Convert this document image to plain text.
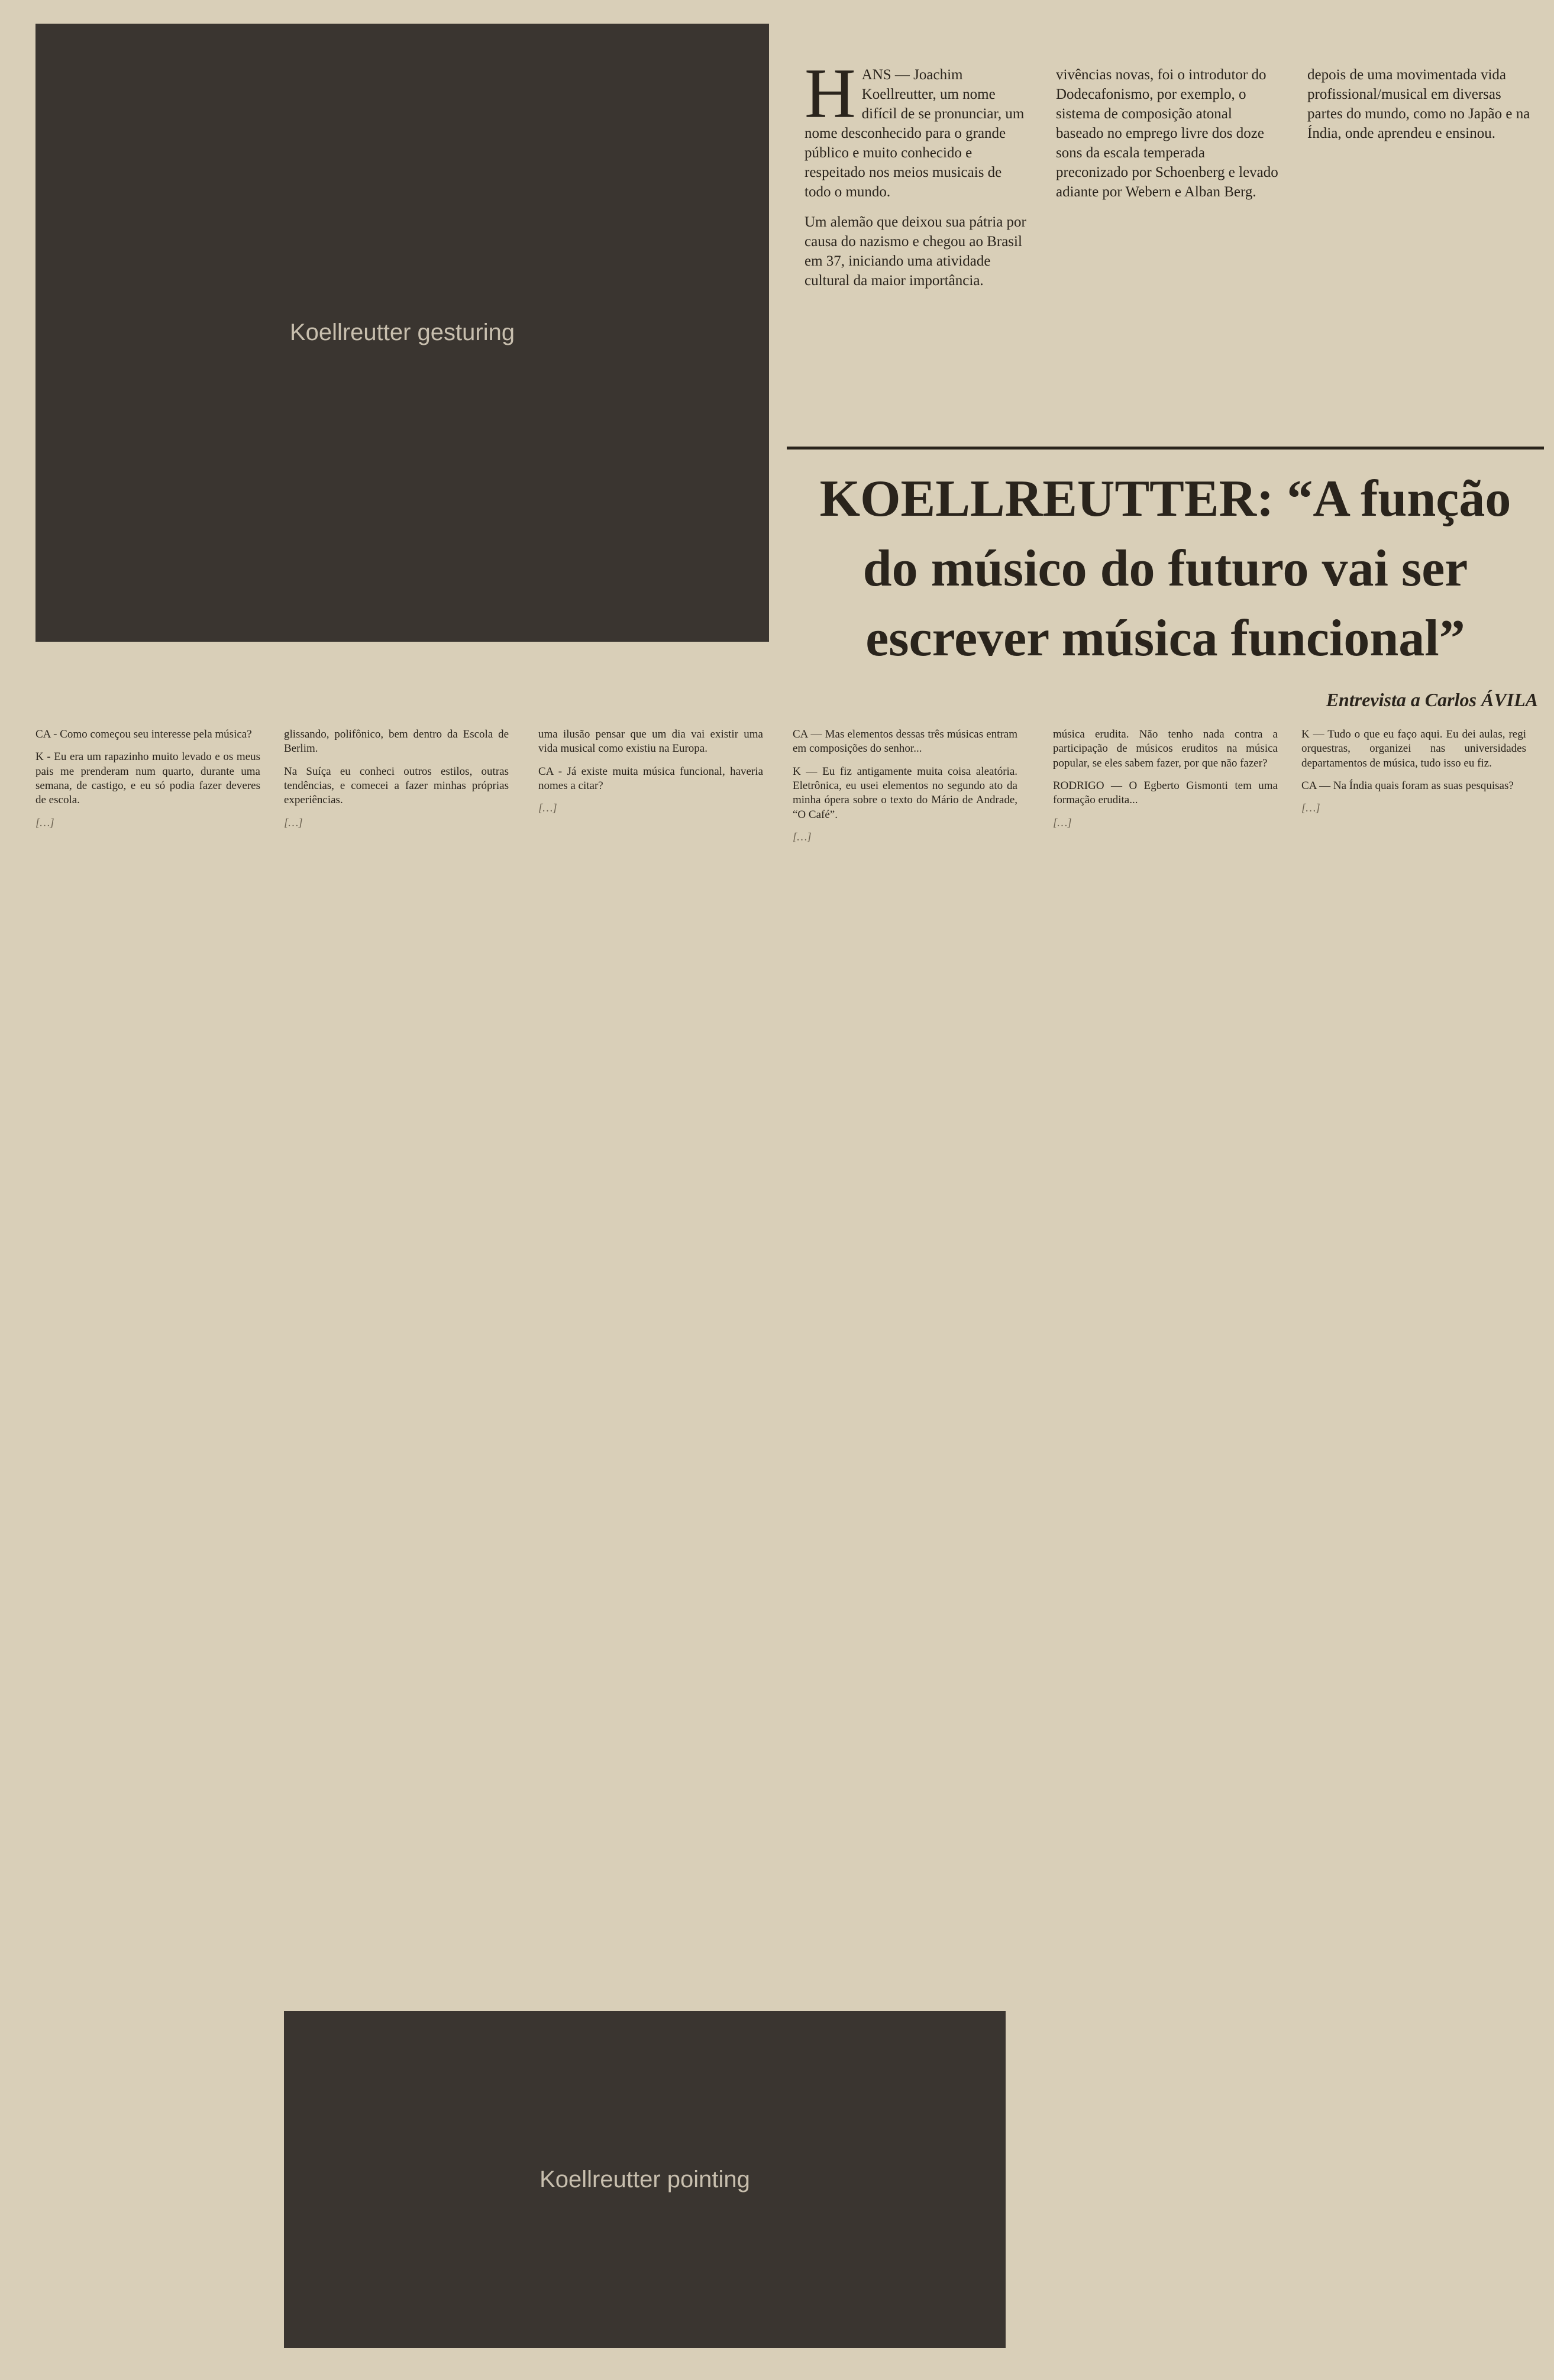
Koellreutter gesturing
Koellreutter pointing

HANS — Joachim Koellreutter, um nome difícil de se pronunciar, um nome desconhecido para o grande público e muito conhecido e respeitado nos meios musicais de todo o mundo.

Um alemão que deixou sua pátria por causa do nazismo e chegou ao Brasil em 37, iniciando uma atividade cultural da maior importância.

vivências novas, foi o introdutor do Dodecafonismo, por exemplo, o sistema de composição atonal baseado no emprego livre dos doze sons da escala temperada preconizado por Schoenberg e levado adiante por Webern e Alban Berg.

depois de uma movimentada vida profissional/musical em diversas partes do mundo, como no Japão e na Índia, onde aprendeu e ensinou.

KOELLREUTTER: “A função do músico do futuro vai ser escrever música funcional”
Entrevista a Carlos ÁVILA

CA - Como começou seu interesse pela música?

K - Eu era um rapazinho muito levado e os meus pais me prenderam num quarto, durante uma semana, de castigo, e eu só podia fazer deveres de escola.

[…]

glissando, polifônico, bem dentro da Escola de Berlim.

Na Suíça eu conheci outros estilos, outras tendências, e comecei a fazer minhas próprias experiências.

[…]

uma ilusão pensar que um dia vai existir uma vida musical como existiu na Europa.

CA - Já existe muita música funcional, haveria nomes a citar?

[…]

CA — Mas elementos dessas três músicas entram em composições do senhor...

K — Eu fiz antigamente muita coisa aleatória. Eletrônica, eu usei elementos no segundo ato da minha ópera sobre o texto do Mário de Andrade, “O Café”.

[…]

música erudita. Não tenho nada contra a participação de músicos eruditos na música popular, se eles sabem fazer, por que não fazer?

RODRIGO — O Egberto Gismonti tem uma formação erudita...

[…]

K — Tudo o que eu faço aqui. Eu dei aulas, regi orquestras, organizei nas universidades departamentos de música, tudo isso eu fiz.

CA — Na Índia quais foram as suas pesquisas?

[…]
